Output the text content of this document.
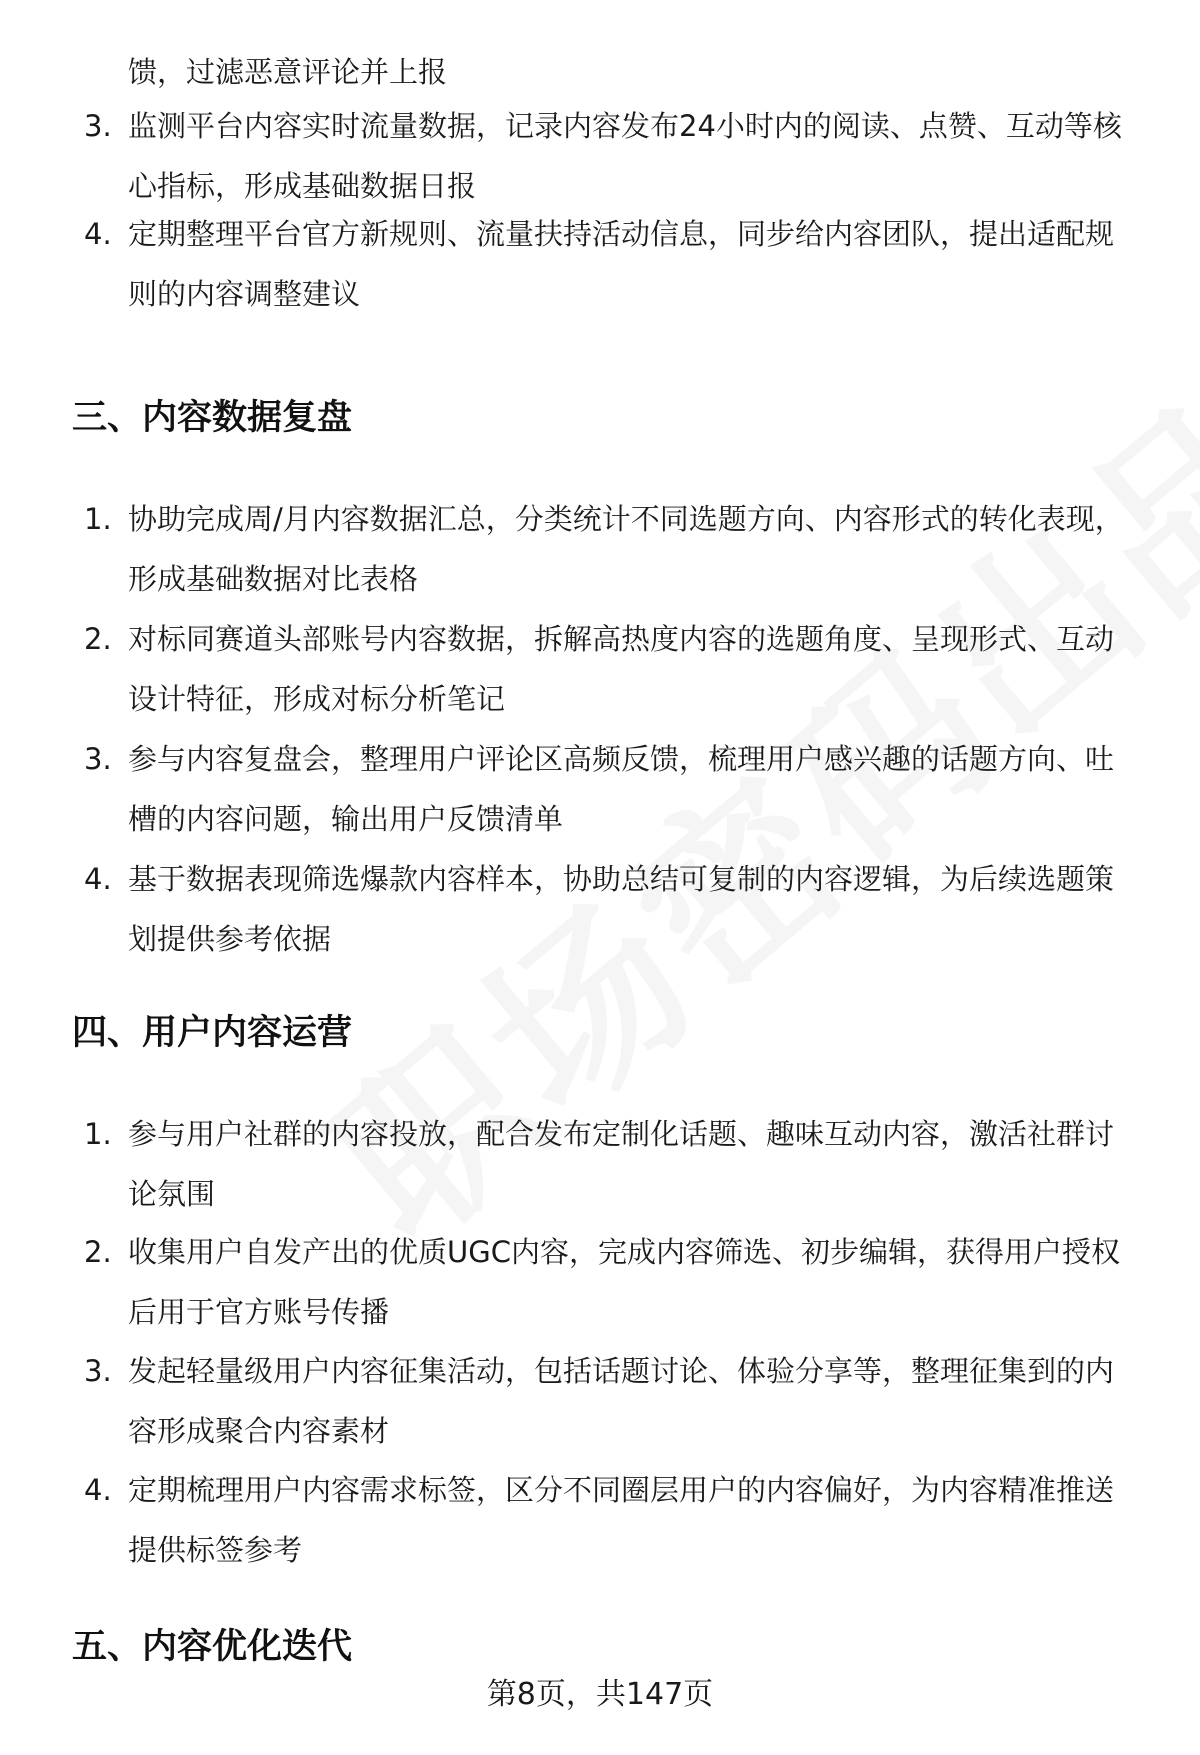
馈，过滤恶意评论并上报
3. 监测平台内容实时流量数据，记录内容发布24小时内的阅读、点赞、互动等核
心指标，形成基础数据日报
4. 定期整理平台官方新规则、流量扶持活动信息，同步给内容团队，提出适配规
则的内容调整建议
三、内容数据复盘
1. 协助完成周/月内容数据汇总，分类统计不同选题方向、内容形式的转化表现，
形成基础数据对比表格
2. 对标同赛道头部账号内容数据，拆解高热度内容的选题角度、呈现形式、互动
设计特征，形成对标分析笔记
3. 参与内容复盘会，整理用户评论区高频反馈，梳理用户感兴趣的话题方向、吐
槽的内容问题，输出用户反馈清单
4. 基于数据表现筛选爆款内容样本，协助总结可复制的内容逻辑，为后续选题策
划提供参考依据
四、用户内容运营
1. 参与用户社群的内容投放，配合发布定制化话题、趣味互动内容，激活社群讨
论氛围
2. 收集用户自发产出的优质UGC内容，完成内容筛选、初步编辑，获得用户授权
后用于官方账号传播
3. 发起轻量级用户内容征集活动，包括话题讨论、体验分享等，整理征集到的内
容形成聚合内容素材
4. 定期梳理用户内容需求标签，区分不同圈层用户的内容偏好，为内容精准推送
提供标签参考
五、内容优化迭代
第8页，共147页
